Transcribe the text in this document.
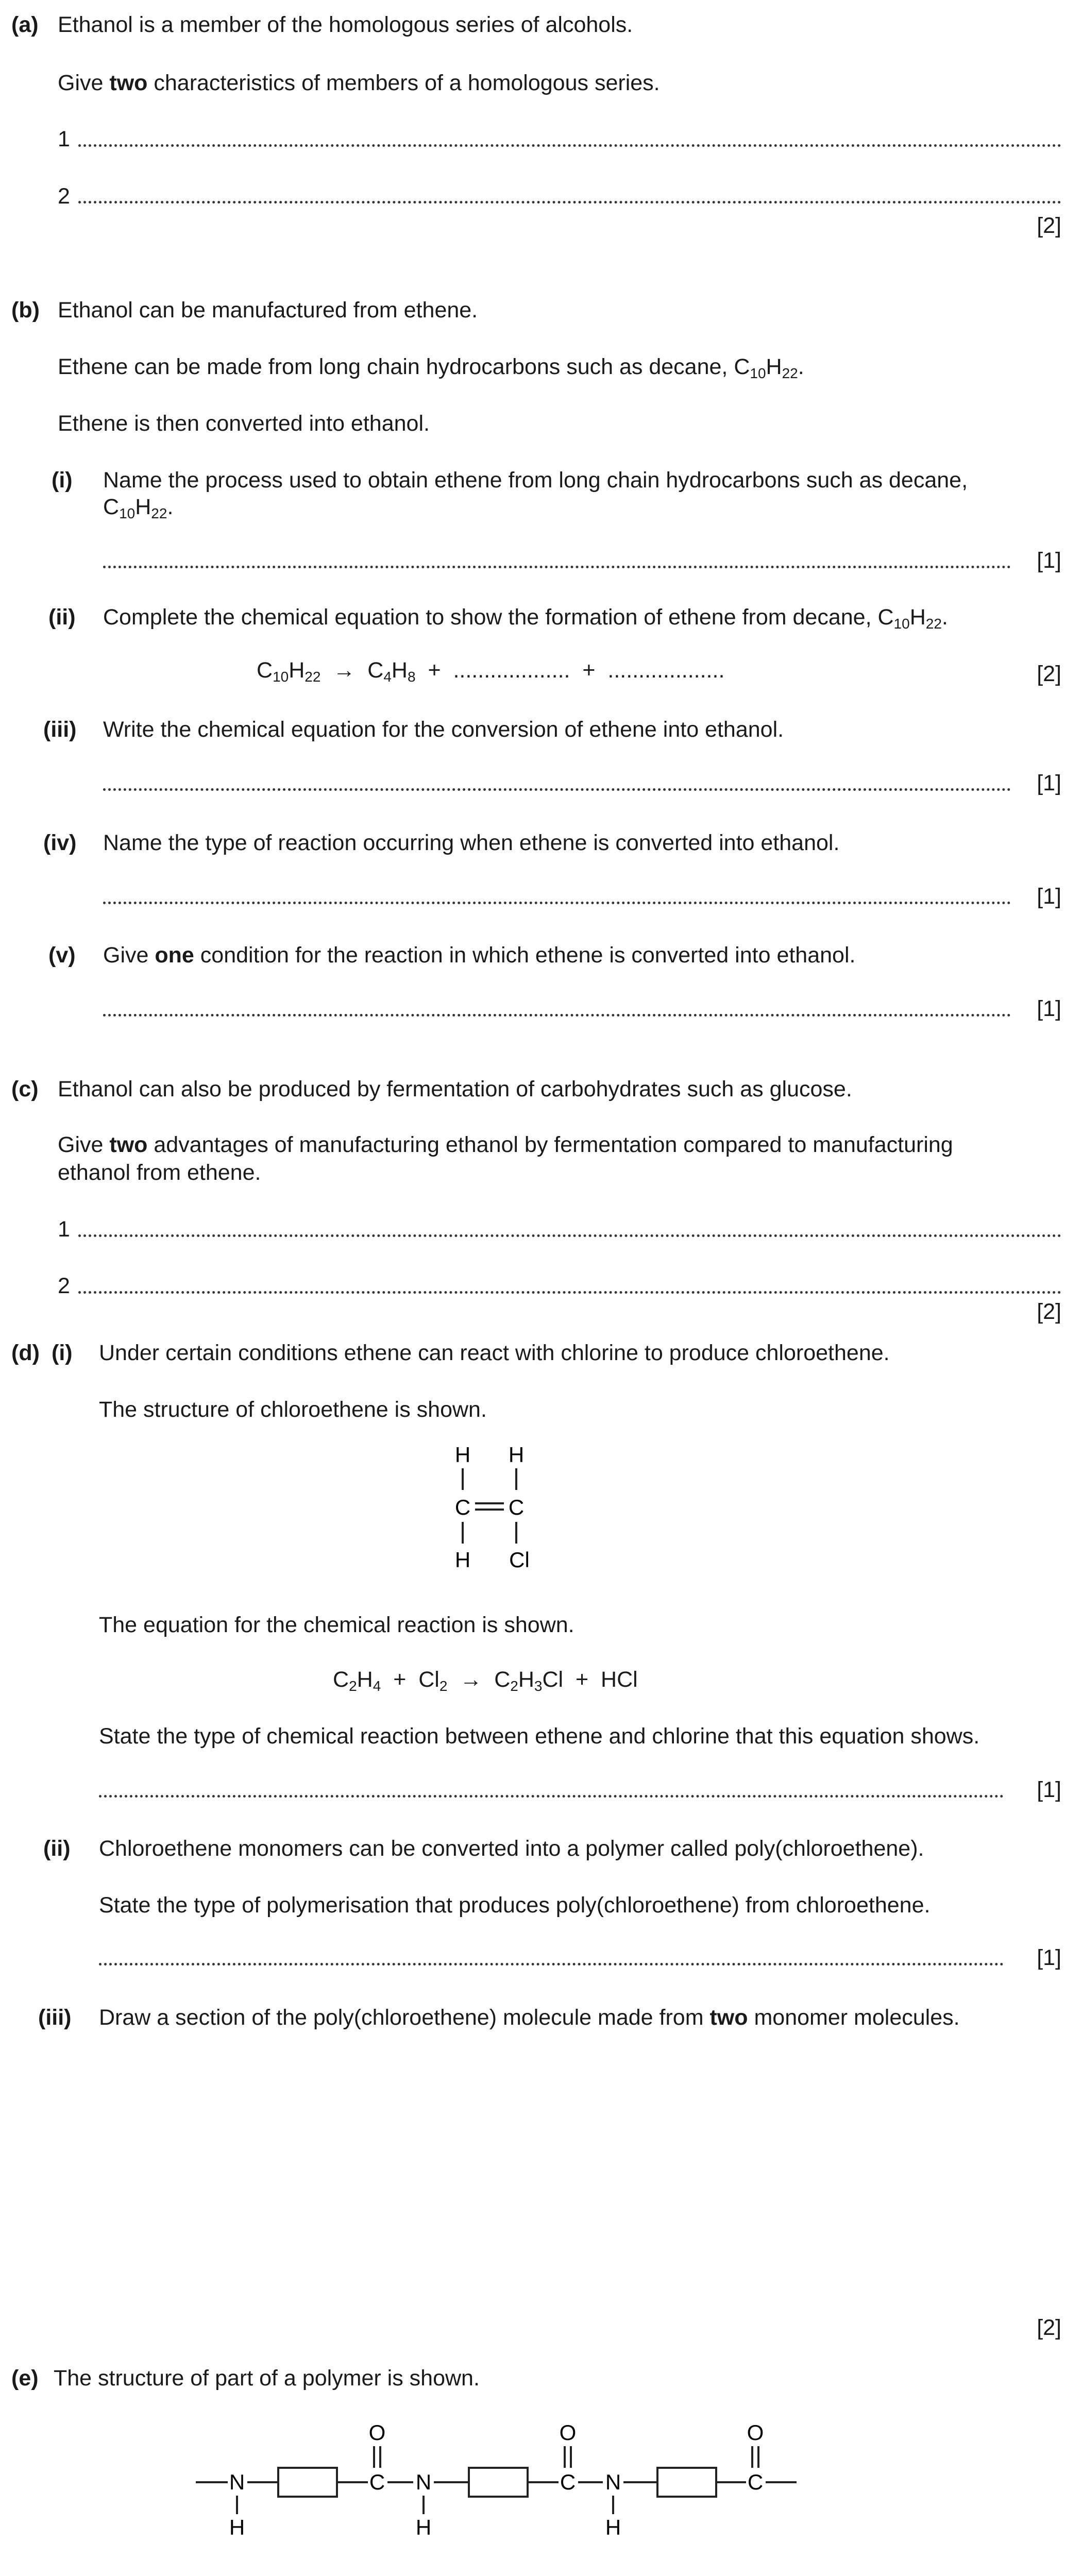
(a) Ethanol is a member of the homologous series of alcohols.
Give two characteristics of members of a homologous series.
1
2
[2]
(b) Ethanol can be manufactured from ethene.
Ethene can be made from long chain hydrocarbons such as decane, $C_{10}H_{22}$.
Ethene is then converted into ethanol.
(i) Name the process used to obtain ethene from long chain hydrocarbons such as decane,
$C_{10}H_{22}$.
[1]
(ii) Complete the chemical equation to show the formation of ethene from decane, $C_{10}H_{22}$.
$C_{10}H_{22} \to C_4H_8$ + ................... + ...................	[2]
(iii) Write the chemical equation for the conversion of ethene into ethanol.
[1]
(iv) Name the type of reaction occurring when ethene is converted into ethanol.
[1]
(v) Give one condition for the reaction in which ethene is converted into ethanol.
[1]
(c) Ethanol can also be produced by fermentation of carbohydrates such as glucose.
Give two advantages of manufacturing ethanol by fermentation compared to manufacturing
ethanol from ethene.
1
2
[2]
(d) (i) Under certain conditions ethene can react with chlorine to produce chloroethene.
The structure of chloroethene is shown.
H H
C C
H Cl
The equation for the chemical reaction is shown.
$C_2H_4 + Cl_2 \to C_2H_3Cl$ + HCl
State the type of chemical reaction between ethene and chlorine that this equation shows.
[1]
(ii) Chloroethene monomers can be converted into a polymer called poly(chloroethene).
State the type of polymerisation that produces poly(chloroethene) from chloroethene.
[1]
(iii) Draw a section of the poly(chloroethene) molecule made from two monomer molecules.
[2]
(e) The structure of part of a polymer is shown.
N
H
C
O
N
H
C
O
N
H
C
O
